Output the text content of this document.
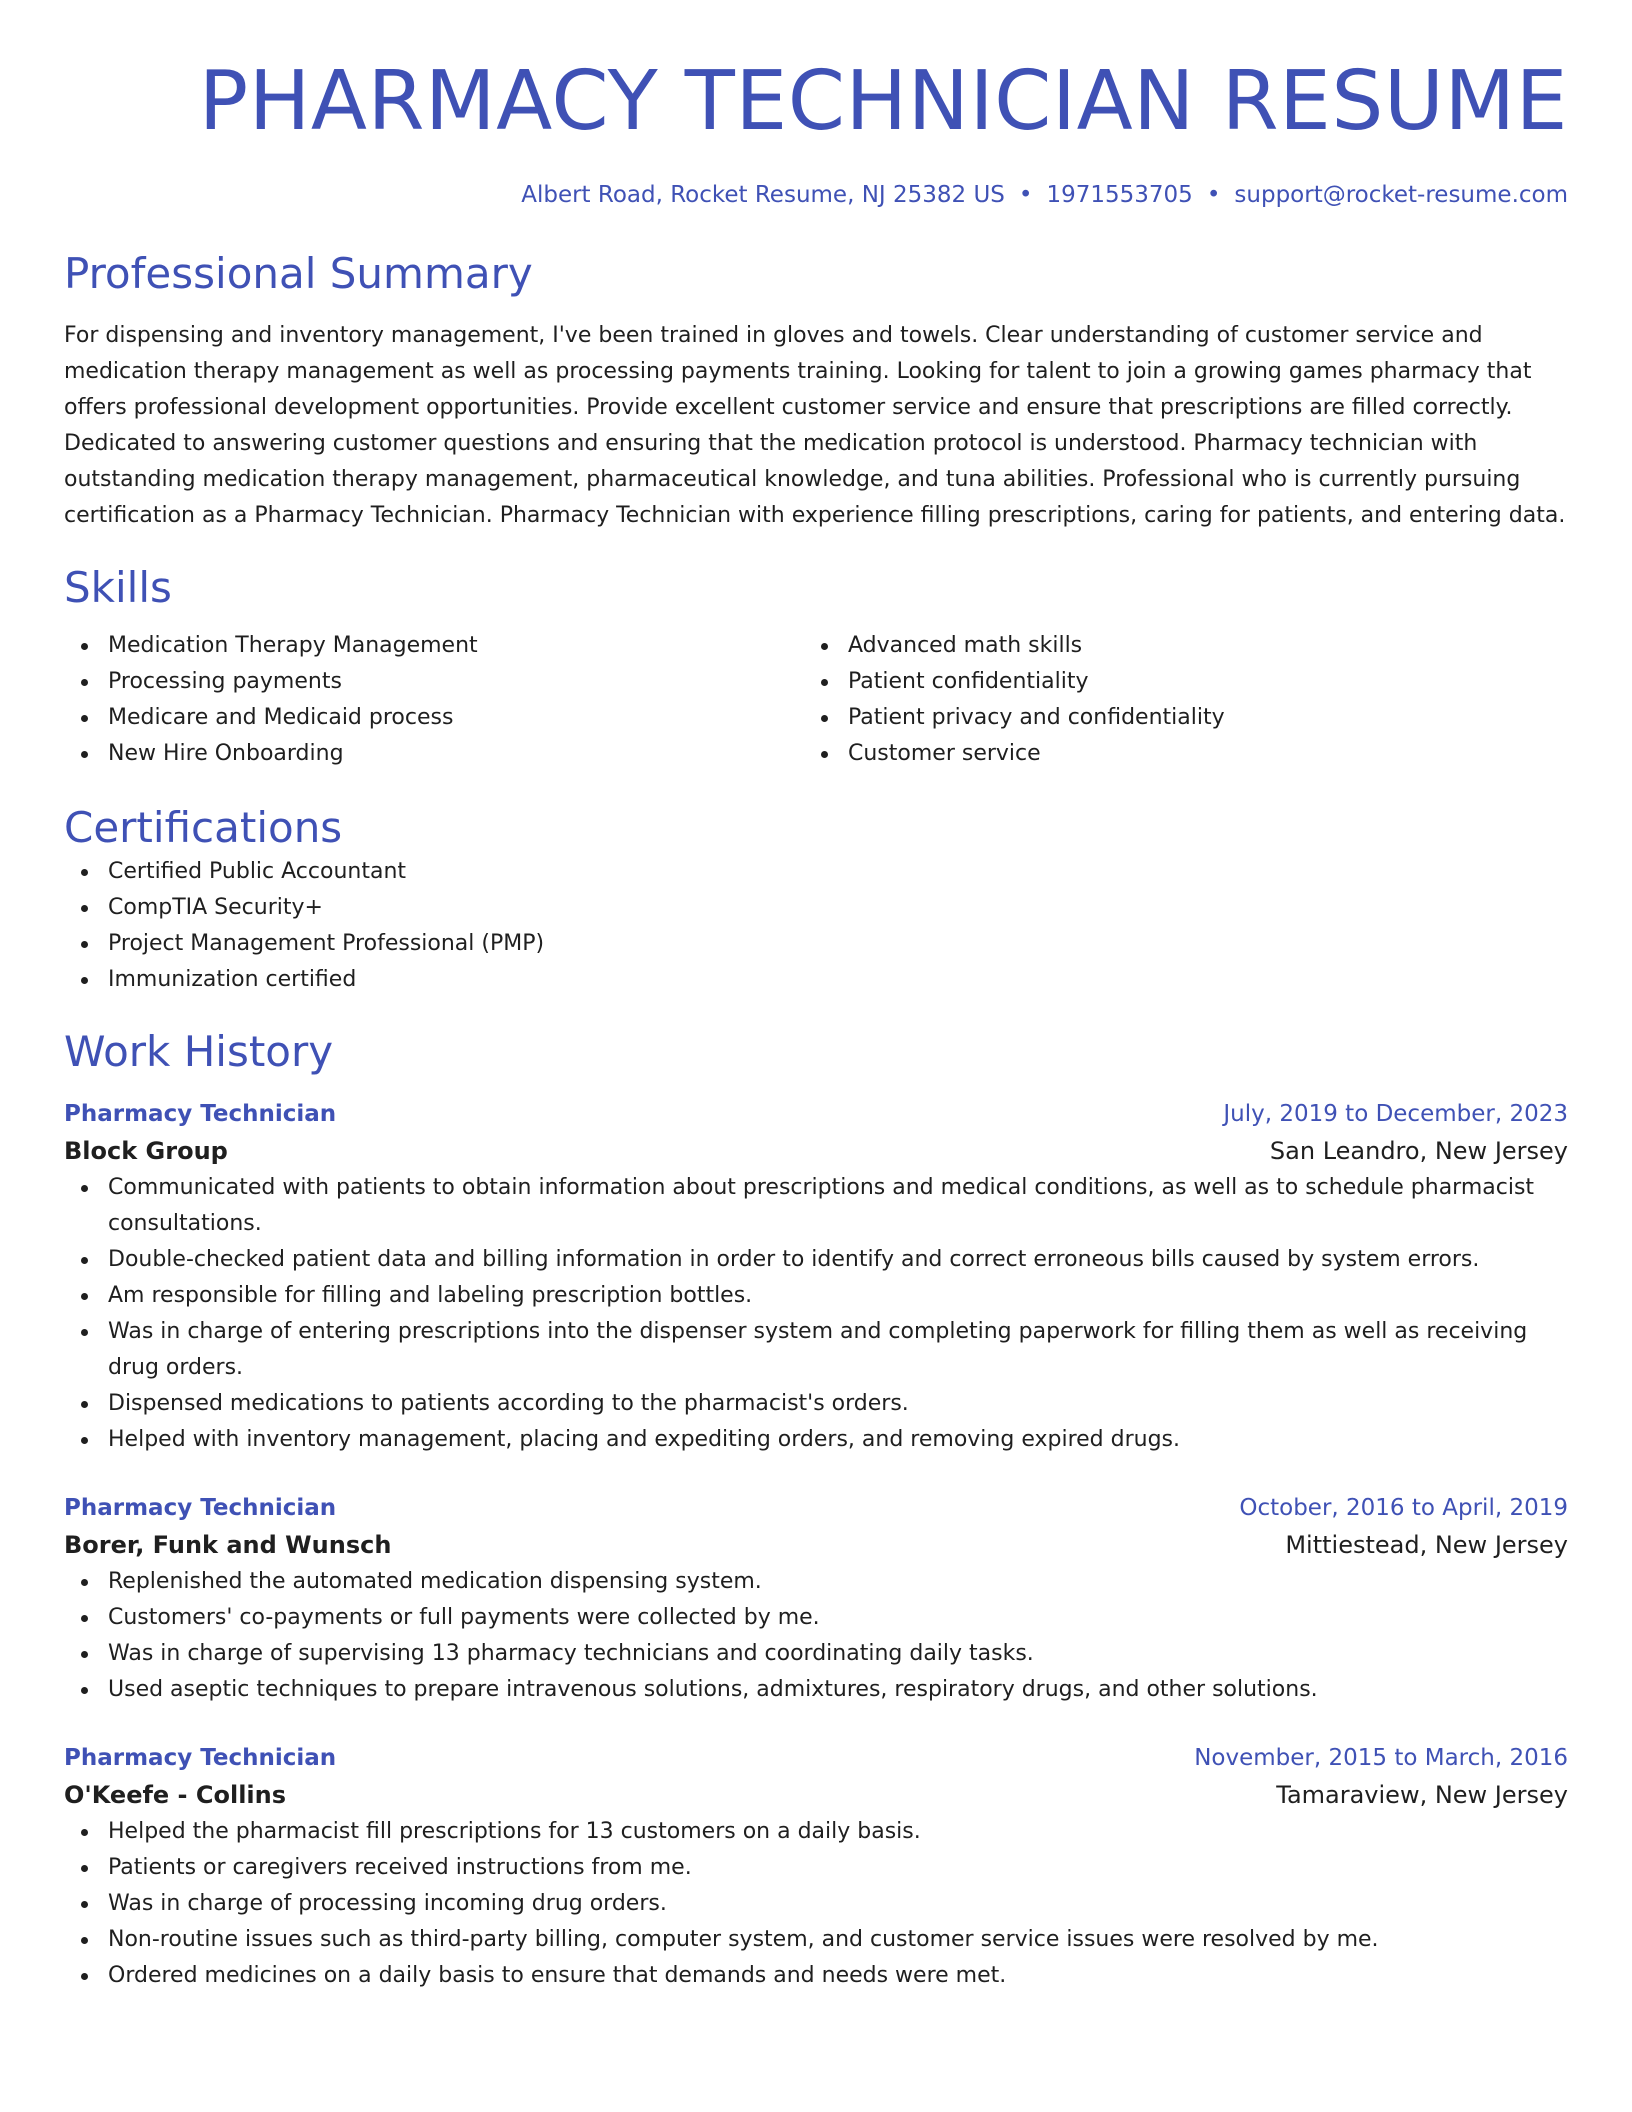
PHARMACY TECHNICIAN RESUME
Albert Road, Rocket Resume, NJ 25382 US • 1971553705 • support@rocket-resume.com
Professional Summary

For dispensing and inventory management, I've been trained in gloves and towels. Clear understanding of customer service and medication therapy management as well as processing payments training. Looking for talent to join a growing games pharmacy that offers professional development opportunities. Provide excellent customer service and ensure that prescriptions are filled correctly. Dedicated to answering customer questions and ensuring that the medication protocol is understood. Pharmacy technician with outstanding medication therapy management, pharmaceutical knowledge, and tuna abilities. Professional who is currently pursuing certification as a Pharmacy Technician. Pharmacy Technician with experience filling prescriptions, caring for patients, and entering data.

Skills
Medication Therapy Management
Processing payments
Medicare and Medicaid process
New Hire Onboarding
Advanced math skills
Patient confidentiality
Patient privacy and confidentiality
Customer service
Certifications
Certified Public Accountant
CompTIA Security+
Project Management Professional (PMP)
Immunization certified
Work History
Pharmacy Technician	July, 2019 to December, 2023
Block Group	San Leandro, New Jersey
Communicated with patients to obtain information about prescriptions and medical conditions, as well as to schedule pharmacist consultations.
Double-checked patient data and billing information in order to identify and correct erroneous bills caused by system errors.
Am responsible for filling and labeling prescription bottles.
Was in charge of entering prescriptions into the dispenser system and completing paperwork for filling them as well as receiving drug orders.
Dispensed medications to patients according to the pharmacist's orders.
Helped with inventory management, placing and expediting orders, and removing expired drugs.
Pharmacy Technician	October, 2016 to April, 2019
Borer, Funk and Wunsch	Mittiestead, New Jersey
Replenished the automated medication dispensing system.
Customers' co-payments or full payments were collected by me.
Was in charge of supervising 13 pharmacy technicians and coordinating daily tasks.
Used aseptic techniques to prepare intravenous solutions, admixtures, respiratory drugs, and other solutions.
Pharmacy Technician	November, 2015 to March, 2016
O'Keefe - Collins	Tamaraview, New Jersey
Helped the pharmacist fill prescriptions for 13 customers on a daily basis.
Patients or caregivers received instructions from me.
Was in charge of processing incoming drug orders.
Non-routine issues such as third-party billing, computer system, and customer service issues were resolved by me.
Ordered medicines on a daily basis to ensure that demands and needs were met.
